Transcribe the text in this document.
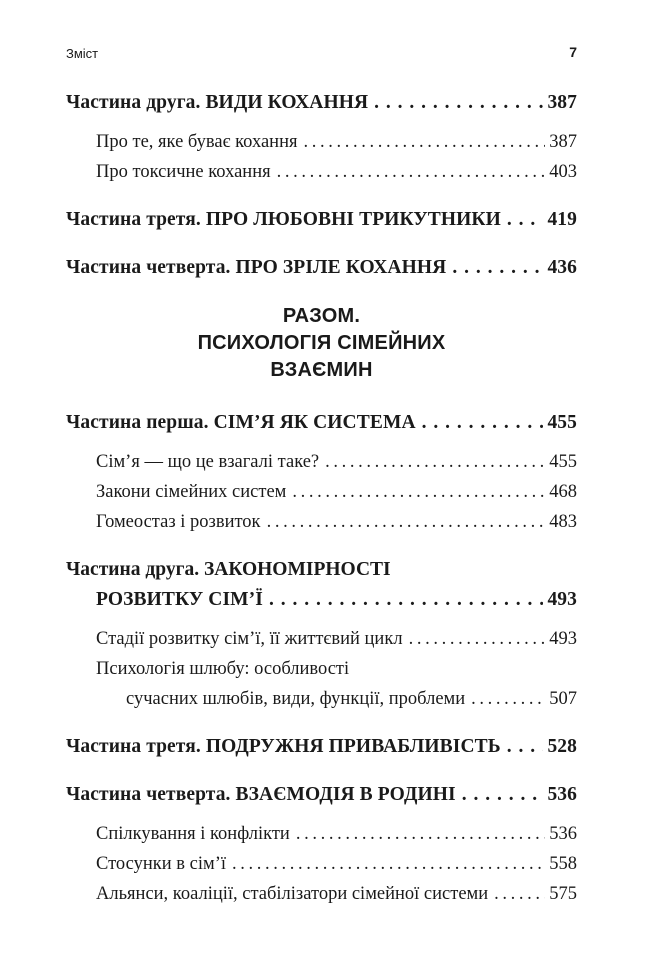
Зміст	7
Частина друга. ВИДИ КОХАННЯ . . .	387
Про те, яке буває кохання . . .	387
Про токсичне кохання . . .	403
Частина третя. ПРО ЛЮБОВНІ ТРИКУТНИКИ . . .	419
Частина четверта. ПРО ЗРІЛЕ КОХАННЯ . . .	436
РАЗОМ.
ПСИХОЛОГІЯ СІМЕЙНИХ
ВЗАЄМИН
Частина перша. СІМ’Я ЯК СИСТЕМА . . .	455
Сім’я — що це взагалі таке? . . .	455
Закони сімейних систем . . .	468
Гомеостаз і розвиток . . .	483
Частина друга. ЗАКОНОМІРНОСТІ
РОЗВИТКУ СІМ’Ї . . .	493
Стадії розвитку сім’ї, її життєвий цикл . . .	493
Психологія шлюбу: особливості
сучасних шлюбів, види, функції, проблеми . . .	507
Частина третя. ПОДРУЖНЯ ПРИВАБЛИВІСТЬ . . .	528
Частина четверта. ВЗАЄМОДІЯ В РОДИНІ . . .	536
Спілкування і конфлікти . . .	536
Стосунки в сім’ї . . .	558
Альянси, коаліції, стабілізатори сімейної системи . . .	575
